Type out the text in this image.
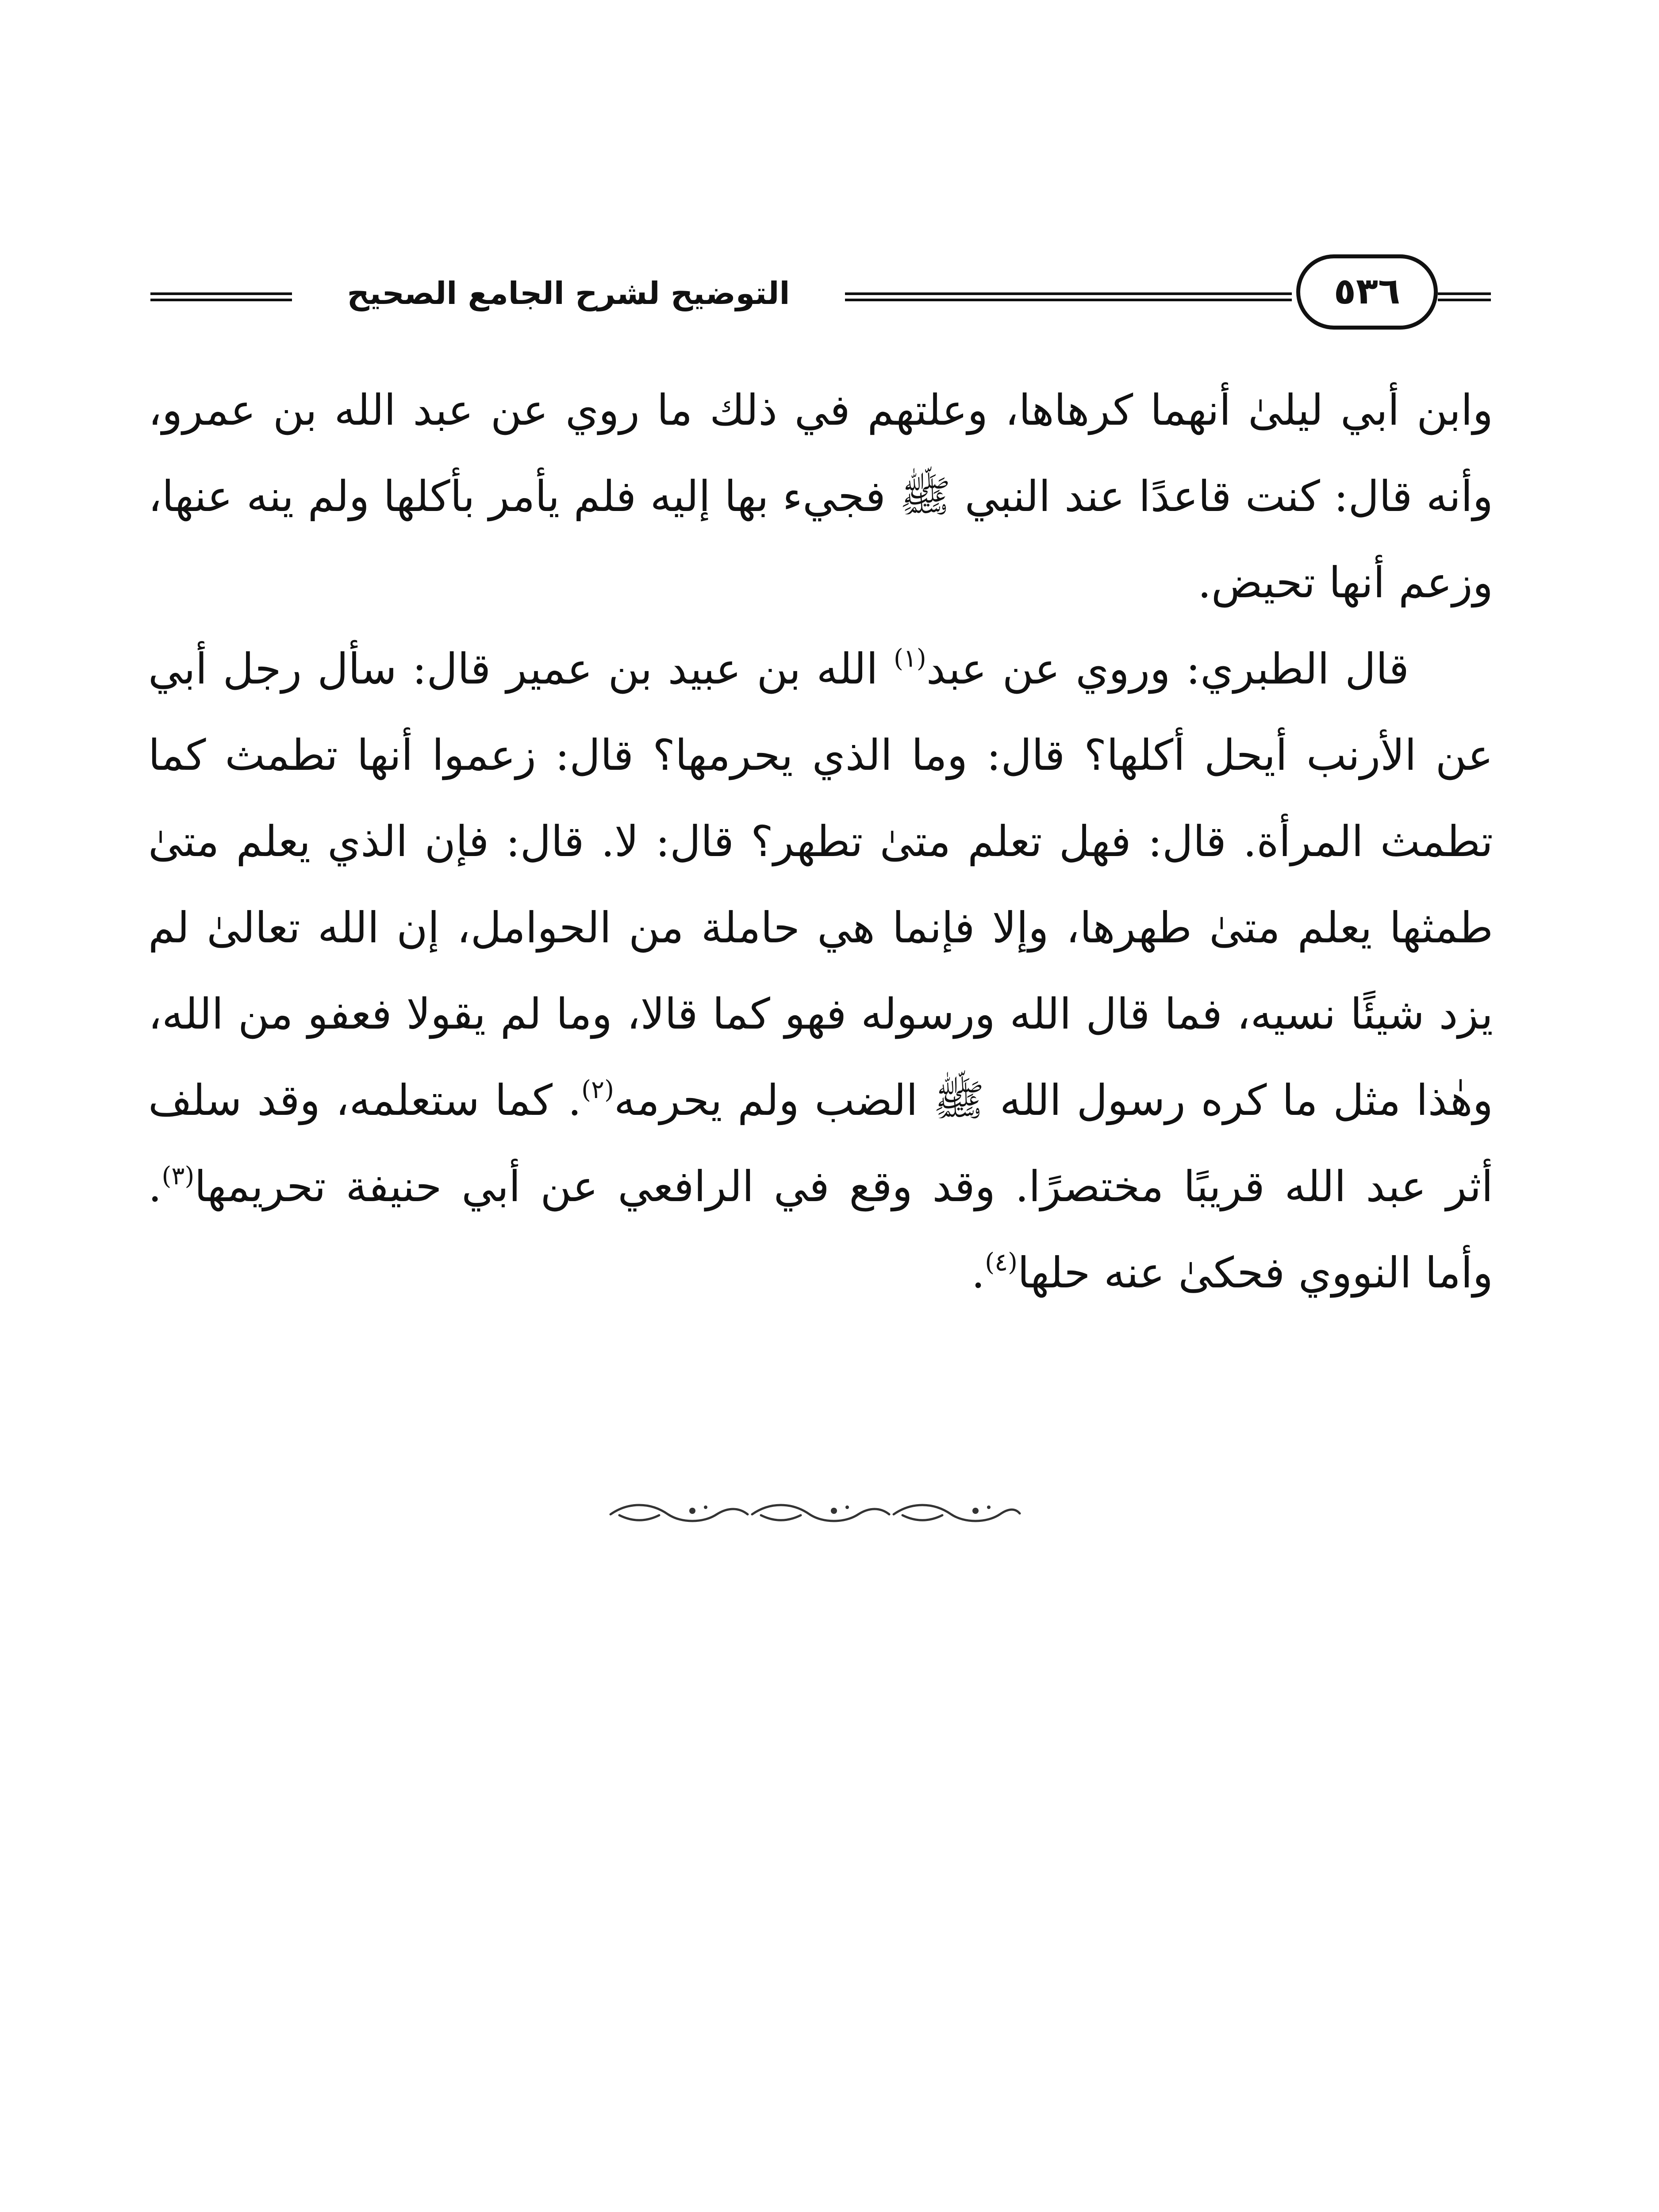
التوضيح لشرح الجامع الصحيح	٥٣٦

وابن أبي ليلىٰ أنهما كرهاها، وعلتهم في ذلك ما روي عن عبد الله بن عمرو، وأنه قال: كنت قاعدًا عند النبي ﷺ فجيء بها إليه فلم يأمر بأكلها ولم ينه عنها، وزعم أنها تحيض.

قال الطبري: وروي عن عبد$^{(١)}$ الله بن عبيد بن عمير قال: سأل رجل أبي عن الأرنب أيحل أكلها؟ قال: وما الذي يحرمها؟ قال: زعموا أنها تطمث كما تطمث المرأة. قال: فهل تعلم متىٰ تطهر؟ قال: لا. قال: فإن الذي يعلم متىٰ طمثها يعلم متىٰ طهرها، وإلا فإنما هي حاملة من الحوامل، إن الله تعالىٰ لم يزد شيئًا نسيه، فما قال الله ورسوله فهو كما قالا، وما لم يقولا فعفو من الله، وهٰذا مثل ما كره رسول الله ﷺ الضب ولم يحرمه$^{(٢)}$. كما ستعلمه، وقد سلف أثر عبد الله قريبًا مختصرًا. وقد وقع في الرافعي عن أبي حنيفة تحريمها$^{(٣)}$. وأما النووي فحكىٰ عنه حلها$^{(٤)}$.
